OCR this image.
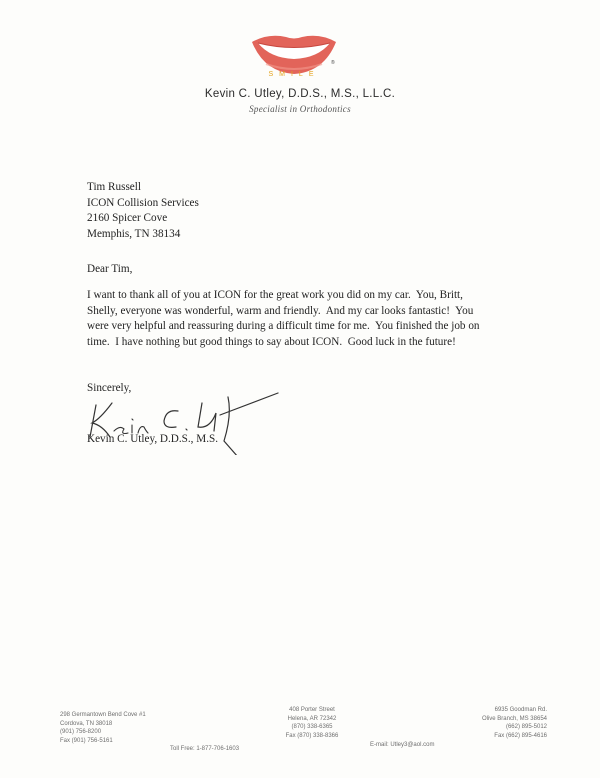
SMILE
®
Kevin C. Utley, D.D.S., M.S., L.L.C.
Specialist in Orthodontics
Tim Russell
ICON Collision Services
2160 Spicer Cove
Memphis, TN 38134
Dear Tim,
I want to thank all of you at ICON for the great work you did on my car.  You, Britt,
Shelly, everyone was wonderful, warm and friendly.  And my car looks fantastic!  You
were very helpful and reassuring during a difficult time for me.  You finished the job on
time.  I have nothing but good things to say about ICON.  Good luck in the future!
Sincerely,
Kevin C. Utley, D.D.S., M.S.
298 Germantown Bend Cove #1
Cordova, TN 38018
(901) 756-8200
Fax (901) 756-5161
408 Porter Street
Helena, AR 72342
(870) 338-6365
Fax (870) 338-8366
6935 Goodman Rd.
Olive Branch, MS 38654
(662) 895-5012
Fax (662) 895-4616
Toll Free: 1-877-706-1603
E-mail: Utley3@aol.com
